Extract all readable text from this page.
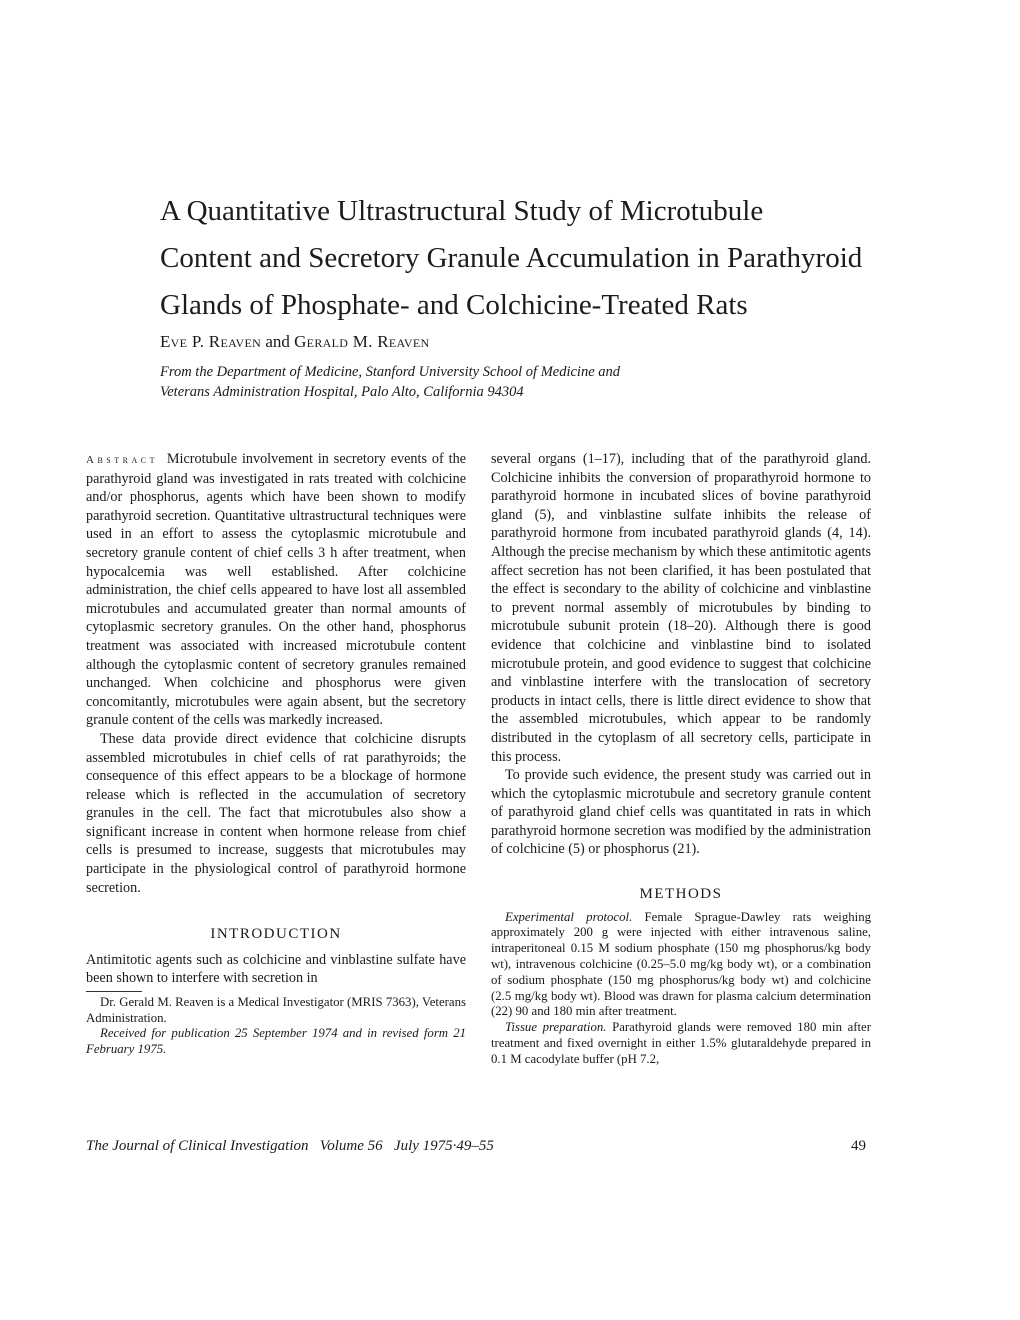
A Quantitative Ultrastructural Study of Microtubule
Content and Secretory Granule Accumulation in Parathyroid
Glands of Phosphate- and Colchicine-Treated Rats
Eve P. Reaven and Gerald M. Reaven
From the Department of Medicine, Stanford University School of Medicine and
Veterans Administration Hospital, Palo Alto, California 94304

Abstract Microtubule involvement in secretory events of the parathyroid gland was investigated in rats treated with colchicine and/or phosphorus, agents which have been shown to modify parathyroid secretion. Quantitative ultrastructural techniques were used in an effort to assess the cytoplasmic microtubule and secretory granule content of chief cells 3 h after treatment, when hypocalcemia was well established. After colchicine administration, the chief cells appeared to have lost all assembled microtubules and accumulated greater than normal amounts of cytoplasmic secretory granules. On the other hand, phosphorus treatment was associated with increased microtubule content although the cytoplasmic content of secretory granules remained unchanged. When colchicine and phosphorus were given concomitantly, microtubules were again absent, but the secretory granule content of the cells was markedly increased.

These data provide direct evidence that colchicine disrupts assembled microtubules in chief cells of rat parathyroids; the consequence of this effect appears to be a blockage of hormone release which is reflected in the accumulation of secretory granules in the cell. The fact that microtubules also show a significant increase in content when hormone release from chief cells is presumed to increase, suggests that microtubules may participate in the physiological control of parathyroid hormone secretion.

INTRODUCTION

Antimitotic agents such as colchicine and vinblastine sulfate have been shown to interfere with secretion in

Dr. Gerald M. Reaven is a Medical Investigator (MRIS 7363), Veterans Administration.

Received for publication 25 September 1974 and in revised form 21 February 1975.

several organs (1–17), including that of the parathyroid gland. Colchicine inhibits the conversion of proparathyroid hormone to parathyroid hormone in incubated slices of bovine parathyroid gland (5), and vinblastine sulfate inhibits the release of parathyroid hormone from incubated parathyroid glands (4, 14). Although the precise mechanism by which these antimitotic agents affect secretion has not been clarified, it has been postulated that the effect is secondary to the ability of colchicine and vinblastine to prevent normal assembly of microtubules by binding to microtubule subunit protein (18–20). Although there is good evidence that colchicine and vinblastine bind to isolated microtubule protein, and good evidence to suggest that colchicine and vinblastine interfere with the translocation of secretory products in intact cells, there is little direct evidence to show that the assembled microtubules, which appear to be randomly distributed in the cytoplasm of all secretory cells, participate in this process.

To provide such evidence, the present study was carried out in which the cytoplasmic microtubule and secretory granule content of parathyroid gland chief cells was quantitated in rats in which parathyroid hormone secretion was modified by the administration of colchicine (5) or phosphorus (21).

METHODS

Experimental protocol. Female Sprague-Dawley rats weighing approximately 200 g were injected with either intravenous saline, intraperitoneal 0.15 M sodium phosphate (150 mg phosphorus/kg body wt), intravenous colchicine (0.25–5.0 mg/kg body wt), or a combination of sodium phosphate (150 mg phosphorus/kg body wt) and colchicine (2.5 mg/kg body wt). Blood was drawn for plasma calcium determination (22) 90 and 180 min after treatment.

Tissue preparation. Parathyroid glands were removed 180 min after treatment and fixed overnight in either 1.5% glutaraldehyde prepared in 0.1 M cacodylate buffer (pH 7.2,

The Journal of Clinical Investigation Volume 56 July 1975·49–55	49
